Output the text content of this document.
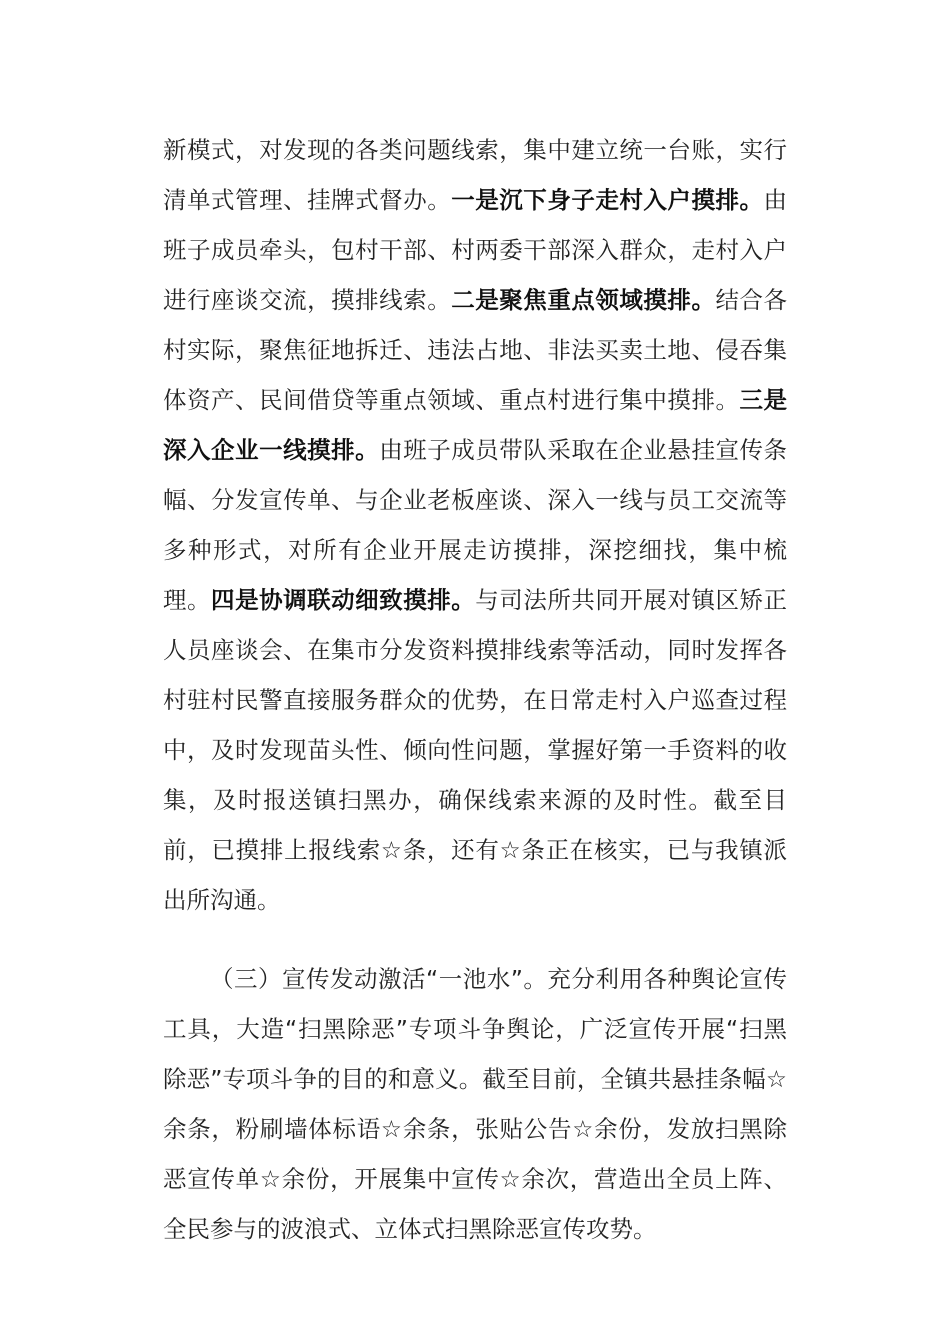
新模式，对发现的各类问题线索，集中建立统一台账，实行清单式管理、挂牌式督办。一是沉下身子走村入户摸排。由班子成员牵头，包村干部、村两委干部深入群众，走村入户进行座谈交流，摸排线索。二是聚焦重点领域摸排。结合各村实际，聚焦征地拆迁、违法占地、非法买卖土地、侵吞集体资产、民间借贷等重点领域、重点村进行集中摸排。三是深入企业一线摸排。由班子成员带队采取在企业悬挂宣传条幅、分发宣传单、与企业老板座谈、深入一线与员工交流等多种形式，对所有企业开展走访摸排，深挖细找，集中梳理。四是协调联动细致摸排。与司法所共同开展对镇区矫正人员座谈会、在集市分发资料摸排线索等活动，同时发挥各村驻村民警直接服务群众的优势，在日常走村入户巡查过程中，及时发现苗头性、倾向性问题，掌握好第一手资料的收集，及时报送镇扫黑办，确保线索来源的及时性。截至目前，已摸排上报线索☆条，还有☆条正在核实，已与我镇派出所沟通。

（三）宣传发动激活“一池水”。充分利用各种舆论宣传工具，大造“扫黑除恶”专项斗争舆论，广泛宣传开展“扫黑除恶”专项斗争的目的和意义。截至目前，全镇共悬挂条幅☆余条，粉刷墙体标语☆余条，张贴公告☆余份，发放扫黑除恶宣传单☆余份，开展集中宣传☆余次，营造出全员上阵、全民参与的波浪式、立体式扫黑除恶宣传攻势。
